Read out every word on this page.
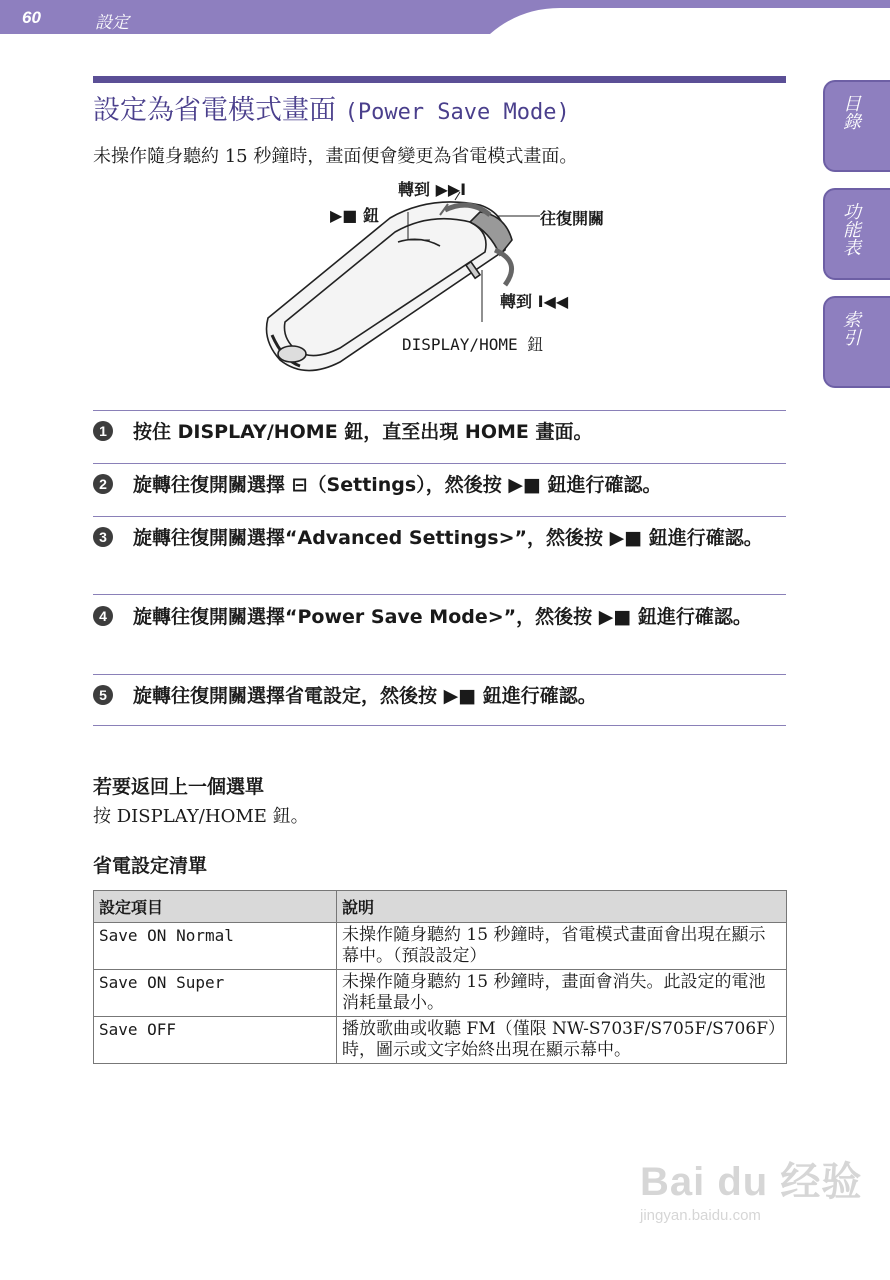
60	設定
目錄
功能表
索引
設定為省電模式畫面 (Power Save Mode)
未操作隨身聽約 15 秒鐘時，畫面便會變更為省電模式畫面。
轉到 ▶▶I
▶■ 鈕	往復開關
轉到 I◀◀
DISPLAY/HOME 鈕
1	按住 DISPLAY/HOME 鈕，直至出現 HOME 畫面。
2	旋轉往復開關選擇 ⊟（Settings），然後按 ▶■ 鈕進行確認。
3	旋轉往復開關選擇“Advanced Settings>”，然後按 ▶■ 鈕進行確認。
4	旋轉往復開關選擇“Power Save Mode>”，然後按 ▶■ 鈕進行確認。
5	旋轉往復開關選擇省電設定，然後按 ▶■ 鈕進行確認。
若要返回上一個選單
按 DISPLAY/HOME 鈕。
省電設定清單
設定項目	說明
Save ON Normal	未操作隨身聽約 15 秒鐘時，省電模式畫面會出現在顯示幕中。（預設設定）
Save ON Super	未操作隨身聽約 15 秒鐘時，畫面會消失。此設定的電池消耗量最小。
Save OFF	播放歌曲或收聽 FM（僅限 NW-S703F/S705F/S706F）時，圖示或文字始終出現在顯示幕中。
Bai du 经验
jingyan.baidu.com
